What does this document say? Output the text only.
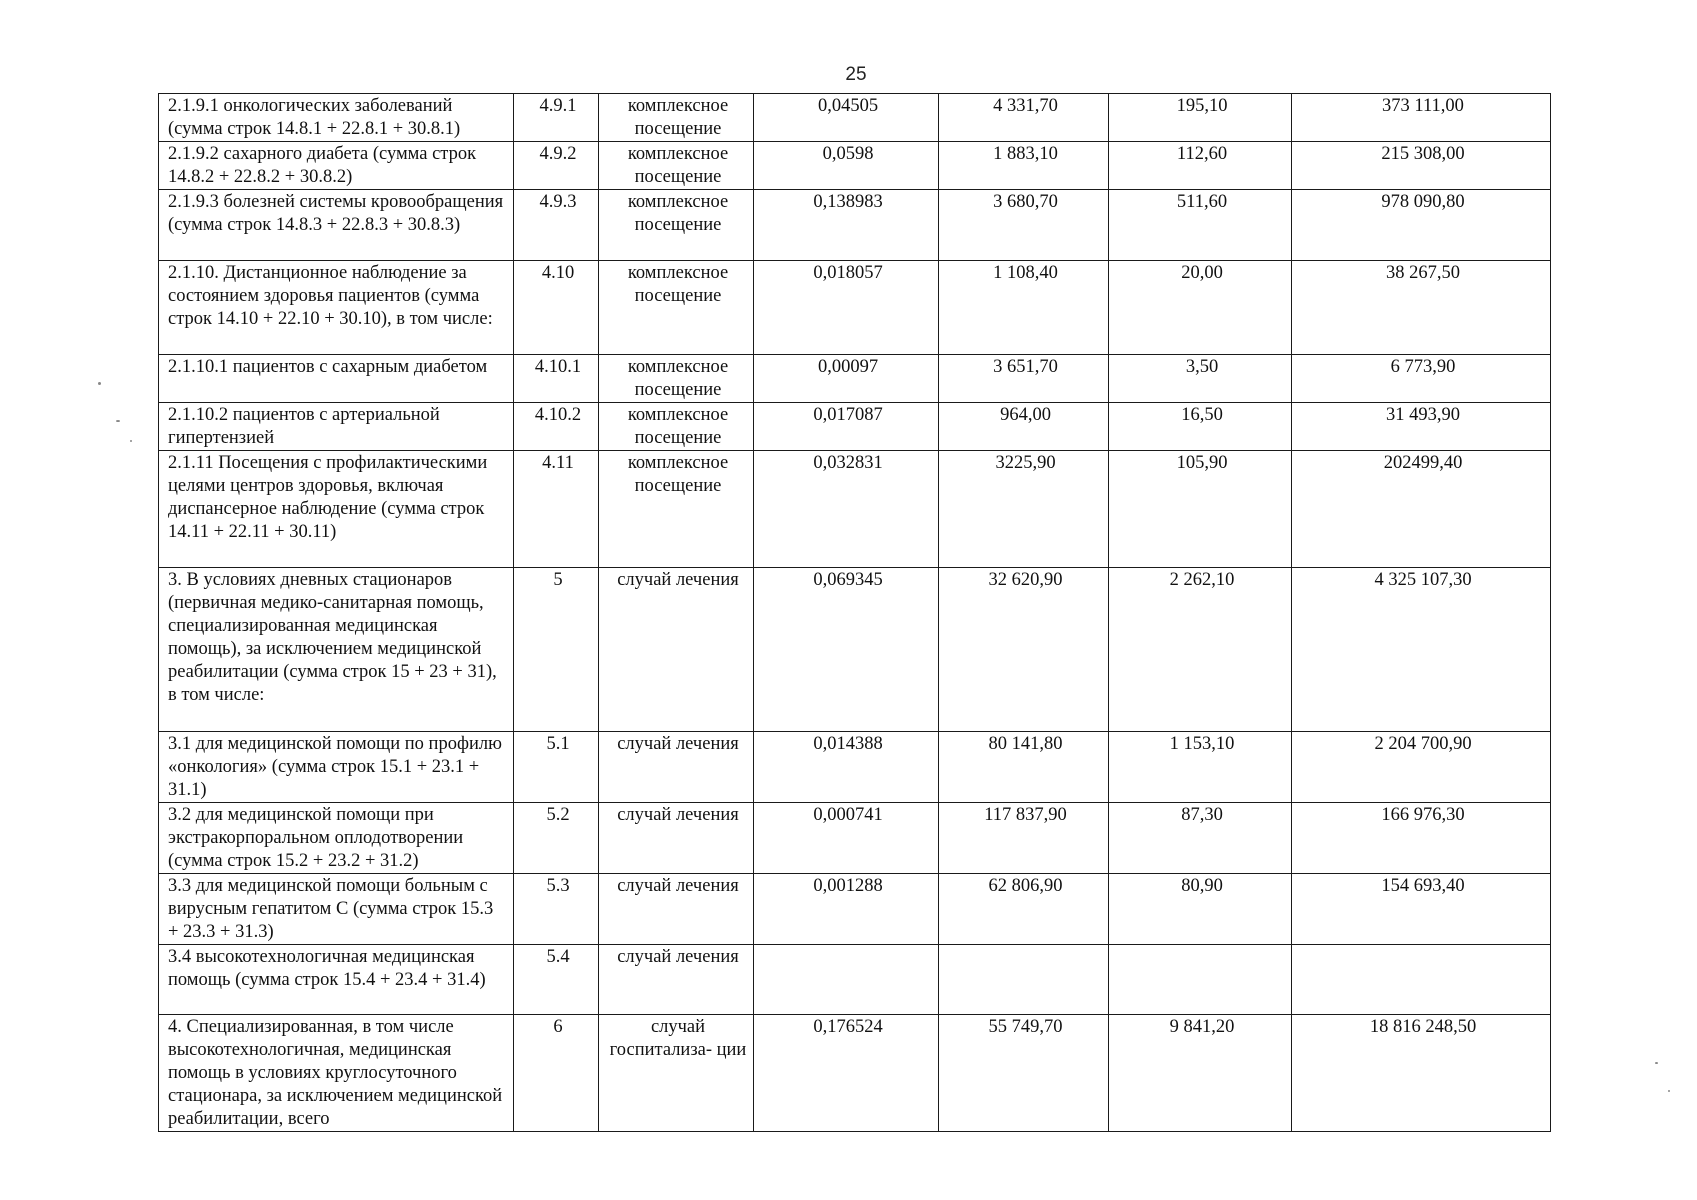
25
2.1.9.1 онкологических заболеваний (сумма строк 14.8.1 + 22.8.1 + 30.8.1)	4.9.1	комплексное посещение	0,04505	4 331,70	195,10	373 111,00
2.1.9.2 сахарного диабета (сумма строк 14.8.2 + 22.8.2 + 30.8.2)	4.9.2	комплексное посещение	0,0598	1 883,10	112,60	215 308,00
2.1.9.3 болезней системы кровообращения (сумма строк 14.8.3 + 22.8.3 + 30.8.3)	4.9.3	комплексное посещение	0,138983	3 680,70	511,60	978 090,80
2.1.10. Дистанционное наблюдение за состоянием здоровья пациентов (сумма строк 14.10 + 22.10 + 30.10), в том числе:	4.10	комплексное посещение	0,018057	1 108,40	20,00	38 267,50
2.1.10.1 пациентов с сахарным диабетом	4.10.1	комплексное посещение	0,00097	3 651,70	3,50	6 773,90
2.1.10.2 пациентов с артериальной гипертензией	4.10.2	комплексное посещение	0,017087	964,00	16,50	31 493,90
2.1.11 Посещения с профилактическими целями центров здоровья, включая диспансерное наблюдение (сумма строк 14.11 + 22.11 + 30.11)	4.11	комплексное посещение	0,032831	3225,90	105,90	202499,40
3. В условиях дневных стационаров (первичная медико-санитарная помощь, специализированная медицинская помощь), за исключением медицинской реабилитации (сумма строк 15 + 23 + 31), в том числе:	5	случай лечения	0,069345	32 620,90	2 262,10	4 325 107,30
3.1 для медицинской помощи по профилю «онкология» (сумма строк 15.1 + 23.1 + 31.1)	5.1	случай лечения	0,014388	80 141,80	1 153,10	2 204 700,90
3.2 для медицинской помощи при экстракорпоральном оплодотворении (сумма строк 15.2 + 23.2 + 31.2)	5.2	случай лечения	0,000741	117 837,90	87,30	166 976,30
3.3 для медицинской помощи больным с вирусным гепатитом С (сумма строк 15.3 + 23.3 + 31.3)	5.3	случай лечения	0,001288	62 806,90	80,90	154 693,40
3.4 высокотехнологичная медицинская помощь (сумма строк 15.4 + 23.4 + 31.4)	5.4	случай лечения				
4. Специализированная, в том числе высокотехнологичная, медицинская помощь в условиях круглосуточного стационара, за исключением медицинской реабилитации, всего	6	случай госпитализа- ции	0,176524	55 749,70	9 841,20	18 816 248,50
